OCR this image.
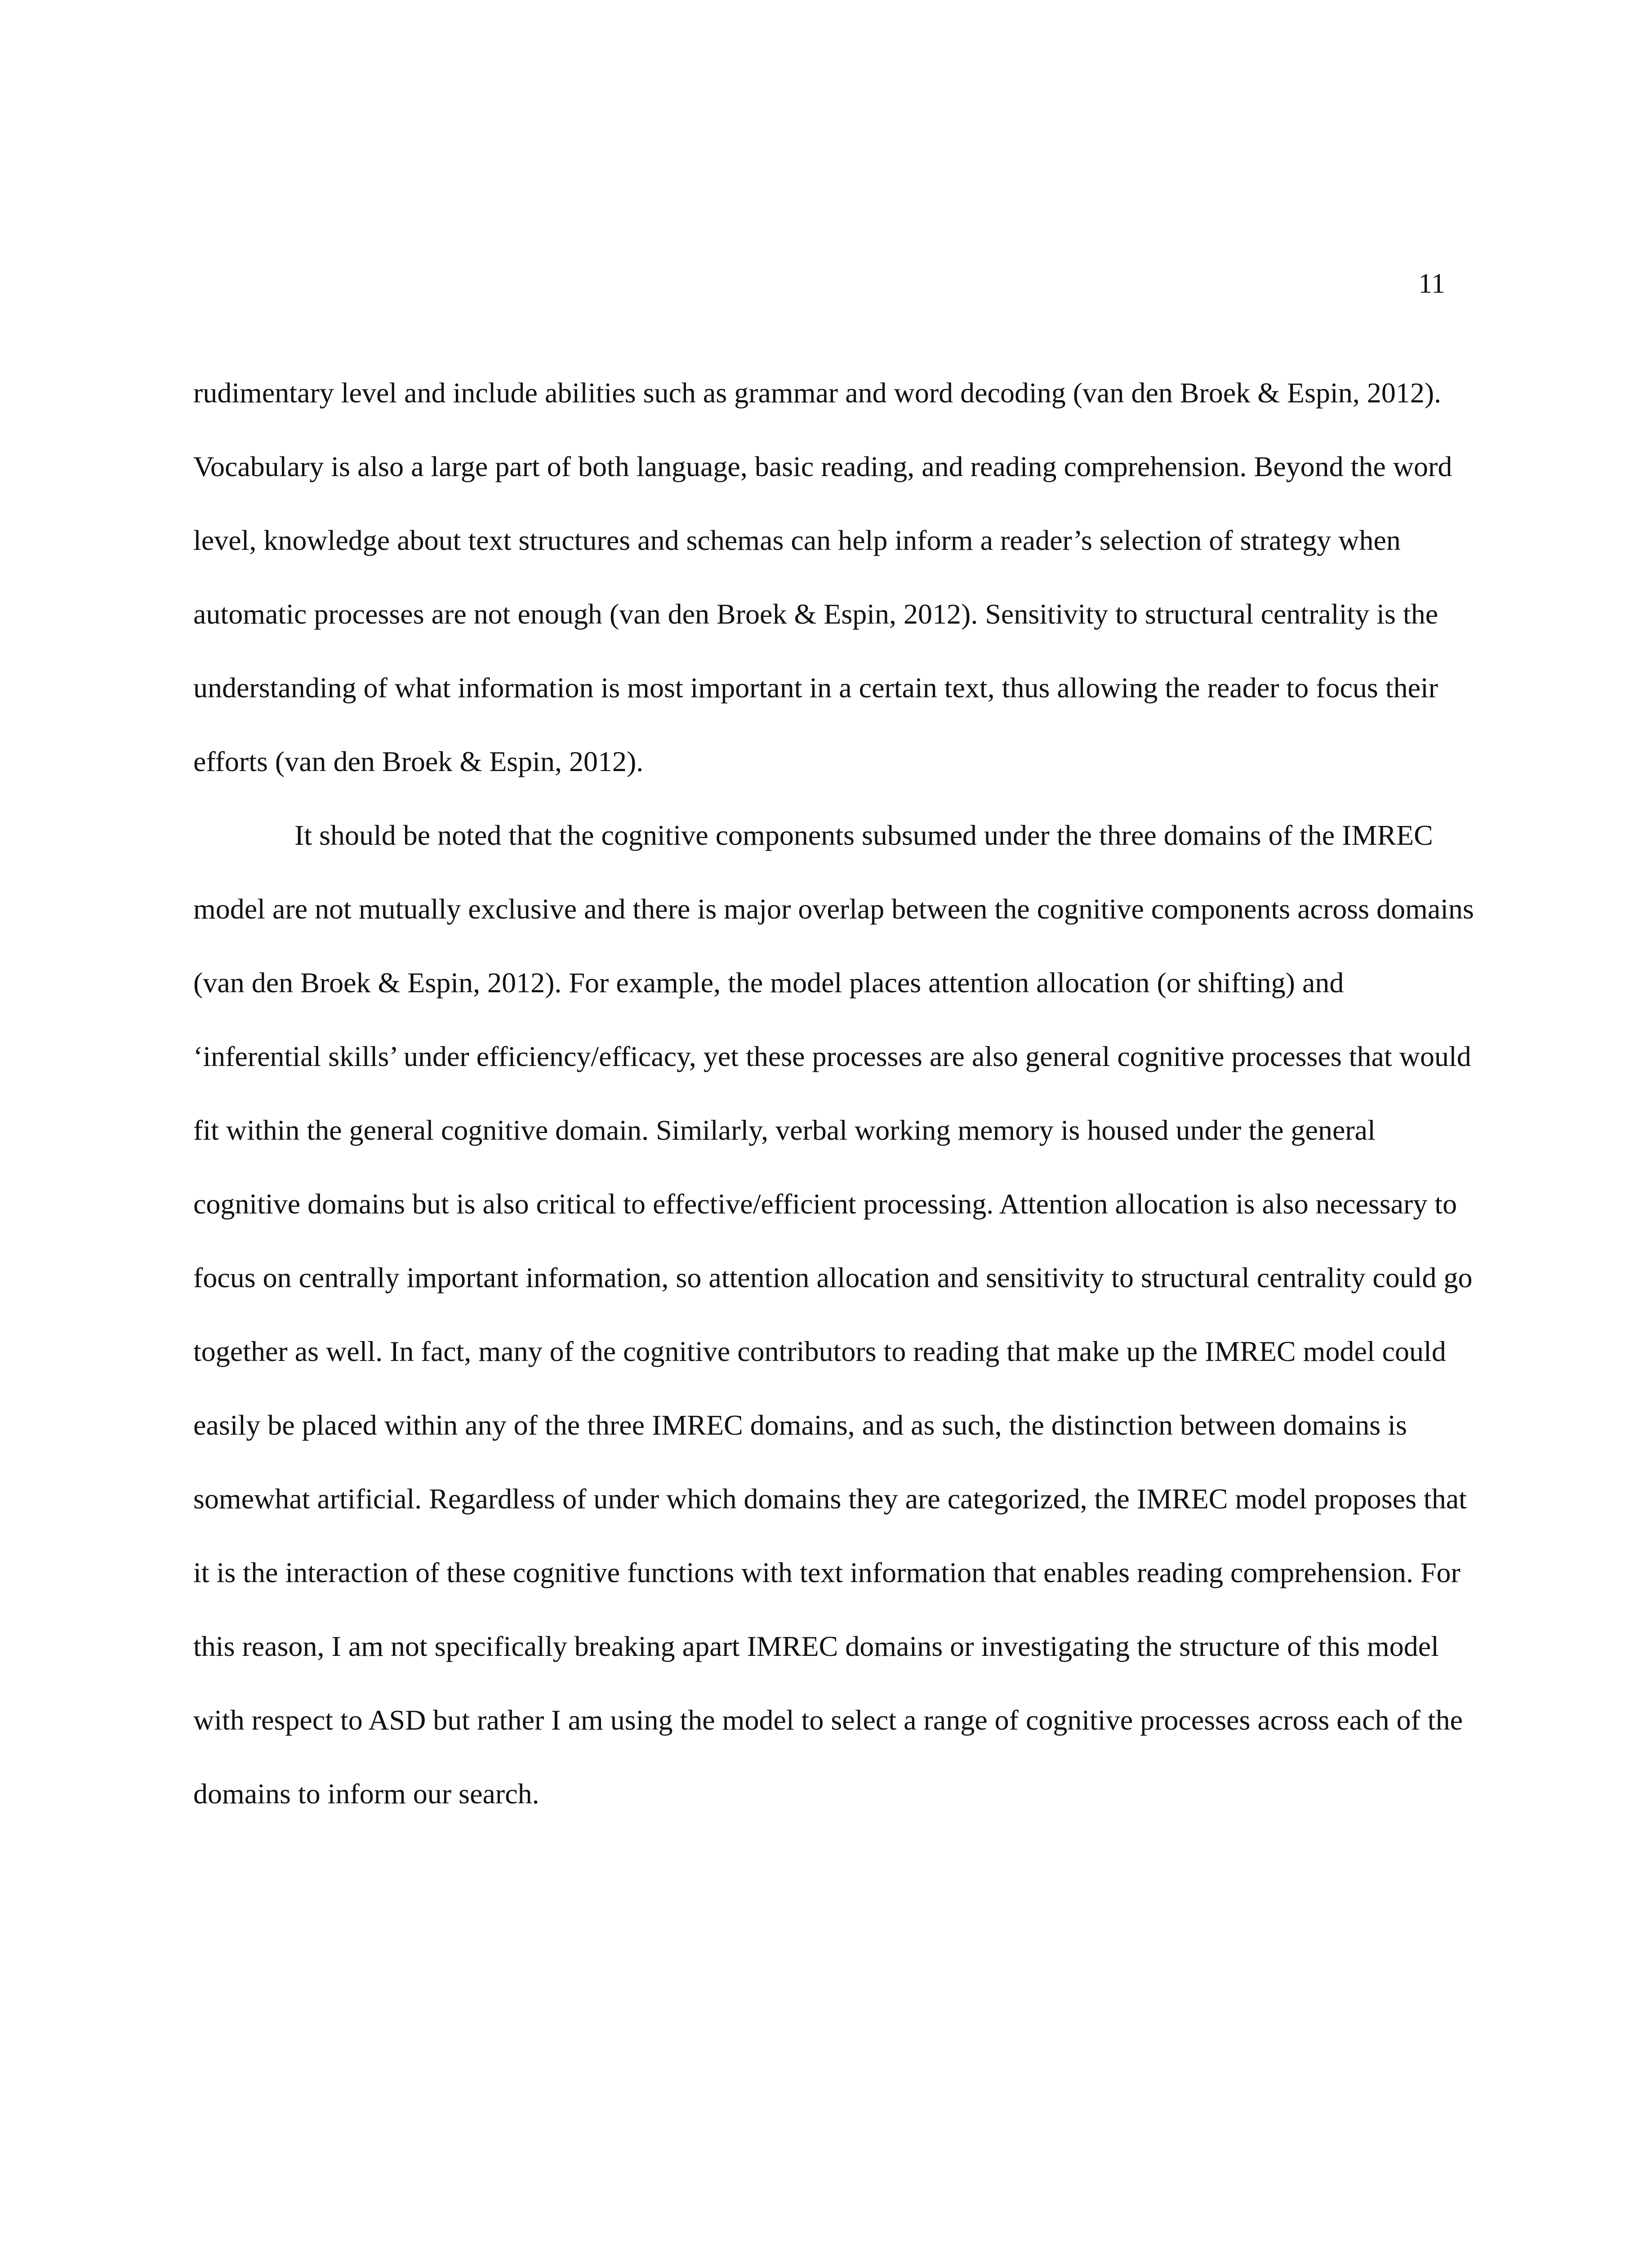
11

rudimentary level and include abilities such as grammar and word decoding (van den Broek & Espin, 2012). Vocabulary is also a large part of both language, basic reading, and reading comprehension. Beyond the word level, knowledge about text structures and schemas can help inform a reader’s selection of strategy when automatic processes are not enough (van den Broek & Espin, 2012). Sensitivity to structural centrality is the understanding of what information is most important in a certain text, thus allowing the reader to focus their efforts (van den Broek & Espin, 2012).

It should be noted that the cognitive components subsumed under the three domains of the IMREC model are not mutually exclusive and there is major overlap between the cognitive components across domains (van den Broek & Espin, 2012). For example, the model places attention allocation (or shifting) and ‘inferential skills’ under efficiency/efficacy, yet these processes are also general cognitive processes that would fit within the general cognitive domain. Similarly, verbal working memory is housed under the general cognitive domains but is also critical to effective/efficient processing. Attention allocation is also necessary to focus on centrally important information, so attention allocation and sensitivity to structural centrality could go together as well. In fact, many of the cognitive contributors to reading that make up the IMREC model could easily be placed within any of the three IMREC domains, and as such, the distinction between domains is somewhat artificial. Regardless of under which domains they are categorized, the IMREC model proposes that it is the interaction of these cognitive functions with text information that enables reading comprehension. For this reason, I am not specifically breaking apart IMREC domains or investigating the structure of this model with respect to ASD but rather I am using the model to select a range of cognitive processes across each of the domains to inform our search.
